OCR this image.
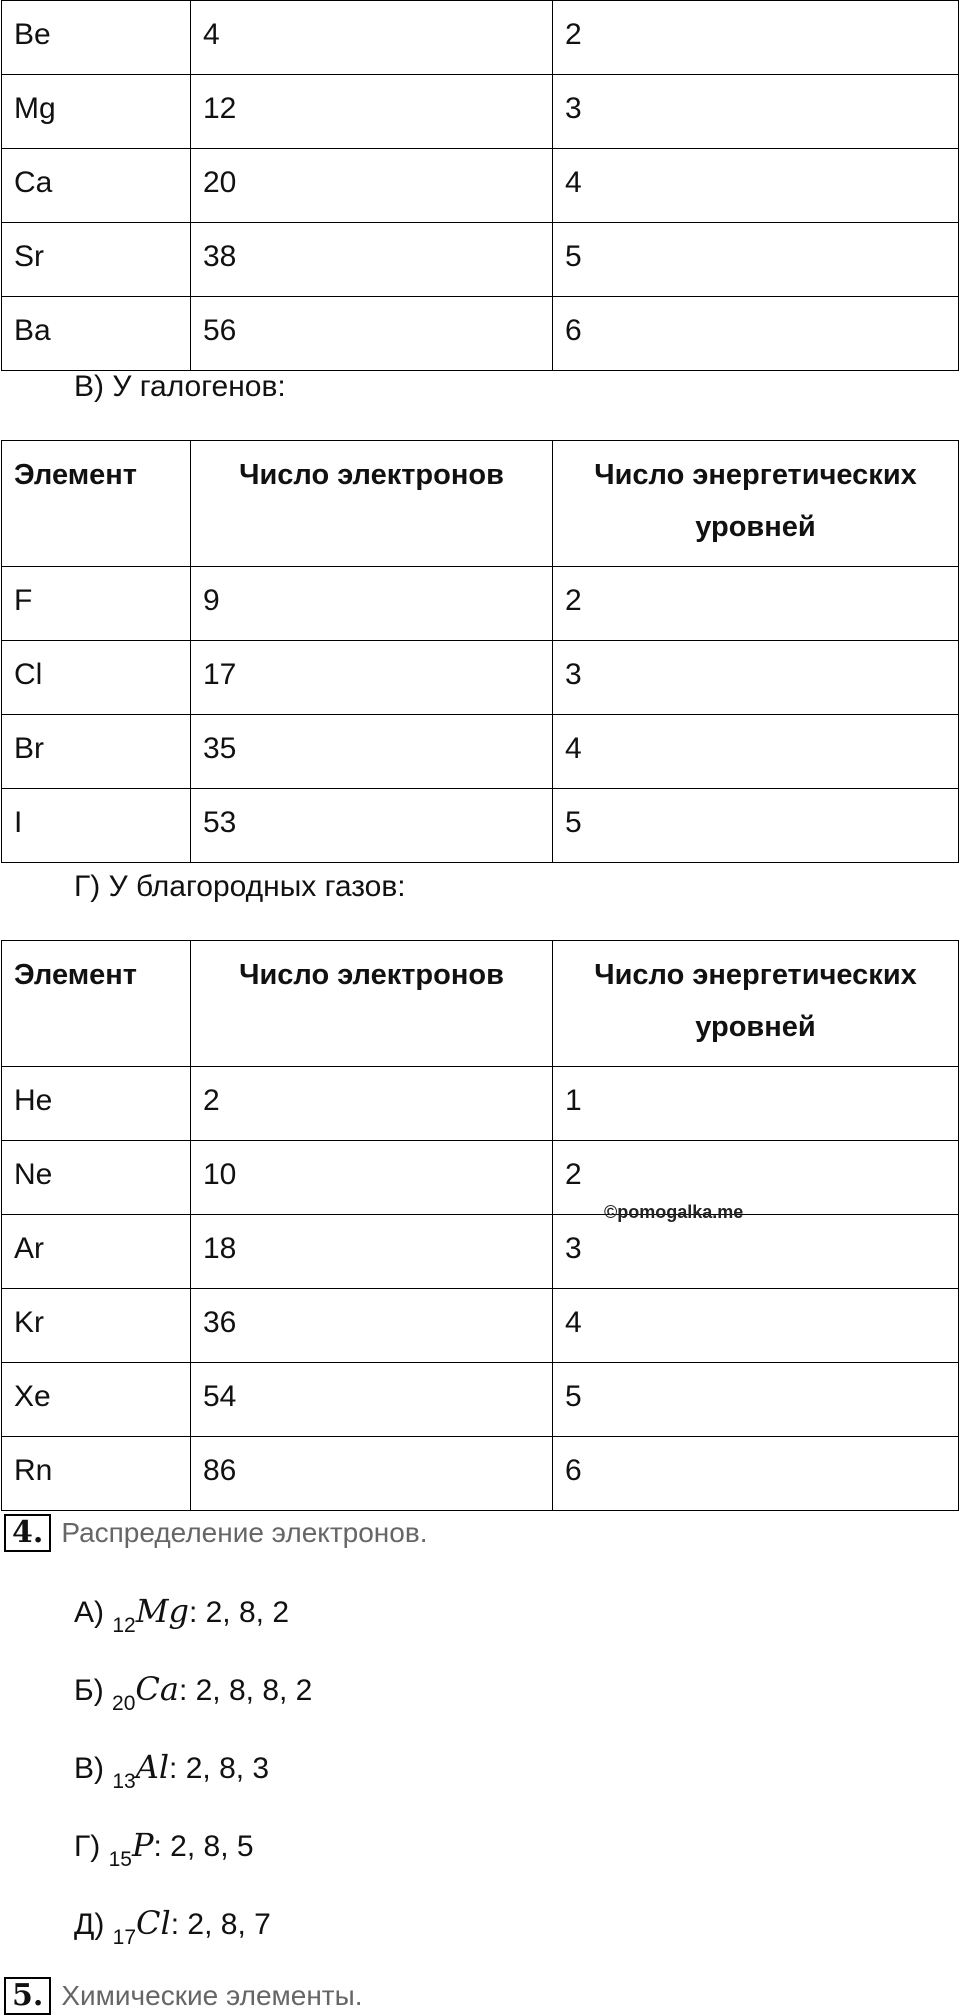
Be	4	2
Mg	12	3
Ca	20	4
Sr	38	5
Ba	56	6
В) У галогенов:
Элемент	Число электронов	Число энергетических уровней
F	9	2
Cl	17	3
Br	35	4
I	53	5
Г) У благородных газов:
Элемент	Число электронов	Число энергетических уровней
He	2	1
Ne	10	2
Ar	18	3
Kr	36	4
Xe	54	5
Rn	86	6
©pomogalka.me
4. Распределение электронов.
А) $_{12}$Mg: 2, 8, 2
Б) $_{20}$Ca: 2, 8, 8, 2
В) $_{13}$Al: 2, 8, 3
Г) $_{15}$P: 2, 8, 5
Д) $_{17}$Cl: 2, 8, 7
5. Химические элементы.
